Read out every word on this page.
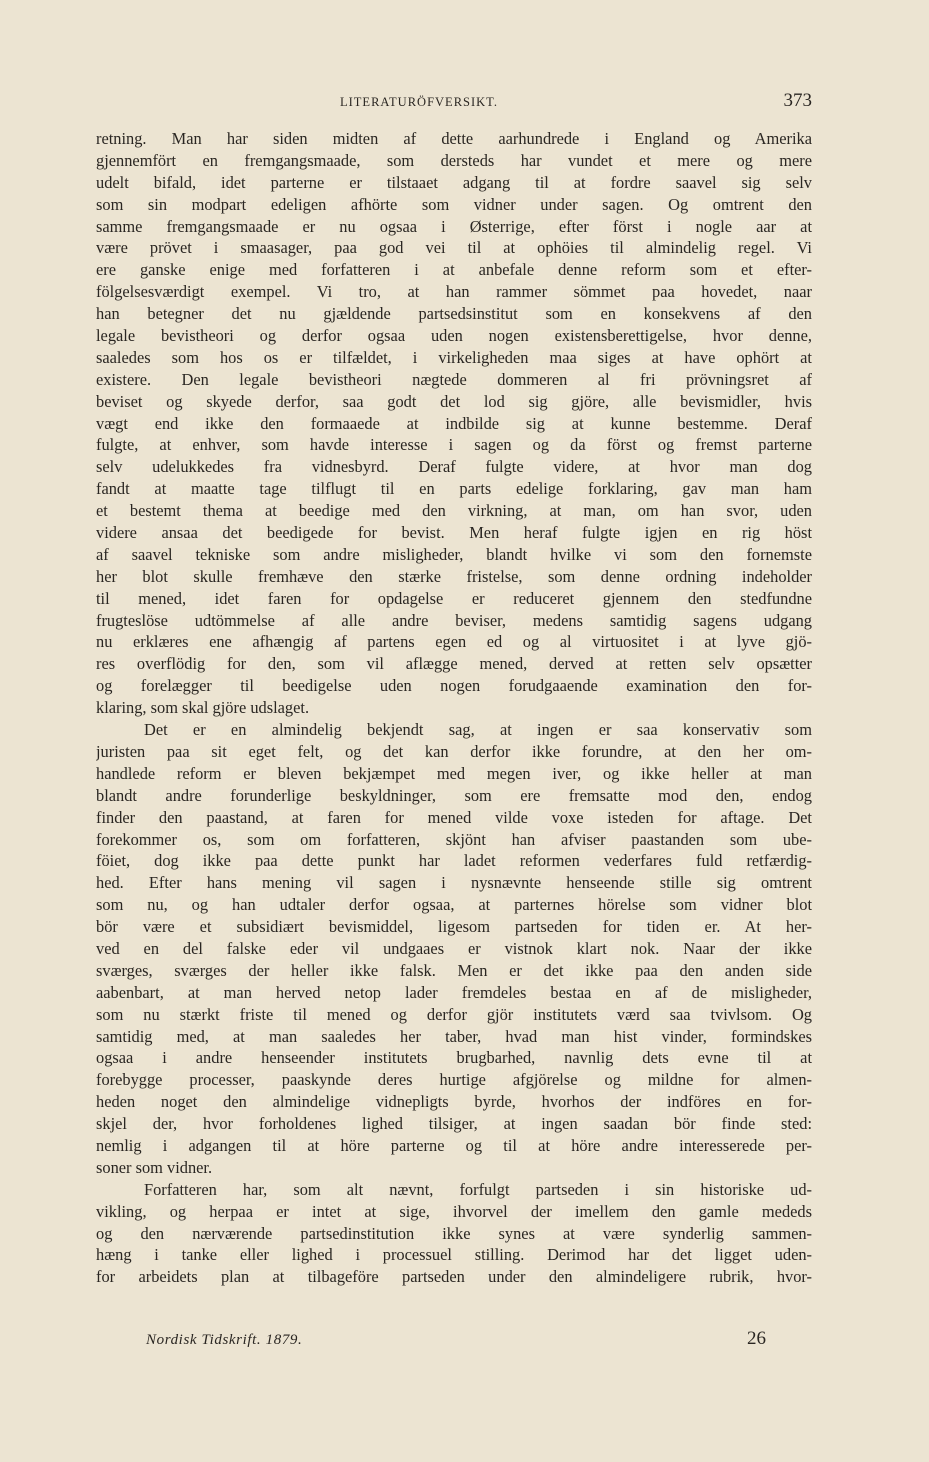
LITERATURÖFVERSIKT.	373
retning. Man har siden midten af dette aarhundrede i England og Amerika
gjennemfört en fremgangsmaade, som dersteds har vundet et mere og mere
udelt bifald, idet parterne er tilstaaet adgang til at fordre saavel sig selv
som sin modpart edeligen afhörte som vidner under sagen. Og omtrent den
samme fremgangsmaade er nu ogsaa i Østerrige, efter först i nogle aar at
være prövet i smaasager, paa god vei til at ophöies til almindelig regel. Vi
ere ganske enige med forfatteren i at anbefale denne reform som et efter-
fölgelsesværdigt exempel. Vi tro, at han rammer sömmet paa hovedet, naar
han betegner det nu gjældende partsedsinstitut som en konsekvens af den
legale bevistheori og derfor ogsaa uden nogen existensberettigelse, hvor denne,
saaledes som hos os er tilfældet, i virkeligheden maa siges at have ophört at
existere. Den legale bevistheori nægtede dommeren al fri prövningsret af
beviset og skyede derfor, saa godt det lod sig gjöre, alle bevismidler, hvis
vægt end ikke den formaaede at indbilde sig at kunne bestemme. Deraf
fulgte, at enhver, som havde interesse i sagen og da först og fremst parterne
selv udelukkedes fra vidnesbyrd. Deraf fulgte videre, at hvor man dog
fandt at maatte tage tilflugt til en parts edelige forklaring, gav man ham
et bestemt thema at beedige med den virkning, at man, om han svor, uden
videre ansaa det beedigede for bevist. Men heraf fulgte igjen en rig höst
af saavel tekniske som andre misligheder, blandt hvilke vi som den fornemste
her blot skulle fremhæve den stærke fristelse, som denne ordning indeholder
til mened, idet faren for opdagelse er reduceret gjennem den stedfundne
frugteslöse udtömmelse af alle andre beviser, medens samtidig sagens udgang
nu erklæres ene afhængig af partens egen ed og al virtuositet i at lyve gjö-
res overflödig for den, som vil aflægge mened, derved at retten selv opsætter
og forelægger til beedigelse uden nogen forudgaaende examination den for-
klaring, som skal gjöre udslaget.
Det er en almindelig bekjendt sag, at ingen er saa konservativ som
juristen paa sit eget felt, og det kan derfor ikke forundre, at den her om-
handlede reform er bleven bekjæmpet med megen iver, og ikke heller at man
blandt andre forunderlige beskyldninger, som ere fremsatte mod den, endog
finder den paastand, at faren for mened vilde voxe isteden for aftage. Det
forekommer os, som om forfatteren, skjönt han afviser paastanden som ube-
föiet, dog ikke paa dette punkt har ladet reformen vederfares fuld retfærdig-
hed. Efter hans mening vil sagen i nysnævnte henseende stille sig omtrent
som nu, og han udtaler derfor ogsaa, at parternes hörelse som vidner blot
bör være et subsidiært bevismiddel, ligesom partseden for tiden er. At her-
ved en del falske eder vil undgaaes er vistnok klart nok. Naar der ikke
sværges, sværges der heller ikke falsk. Men er det ikke paa den anden side
aabenbart, at man herved netop lader fremdeles bestaa en af de misligheder,
som nu stærkt friste til mened og derfor gjör institutets værd saa tvivlsom. Og
samtidig med, at man saaledes her taber, hvad man hist vinder, formindskes
ogsaa i andre henseender institutets brugbarhed, navnlig dets evne til at
forebygge processer, paaskynde deres hurtige afgjörelse og mildne for almen-
heden noget den almindelige vidnepligts byrde, hvorhos der indföres en for-
skjel der, hvor forholdenes lighed tilsiger, at ingen saadan bör finde sted:
nemlig i adgangen til at höre parterne og til at höre andre interesserede per-
soner som vidner.
Forfatteren har, som alt nævnt, forfulgt partseden i sin historiske ud-
vikling, og herpaa er intet at sige, ihvorvel der imellem den gamle mededs
og den nærværende partsedinstitution ikke synes at være synderlig sammen-
hæng i tanke eller lighed i processuel stilling. Derimod har det ligget uden-
for arbeidets plan at tilbageföre partseden under den almindeligere rubrik, hvor-
Nordisk Tidskrift. 1879.	26
